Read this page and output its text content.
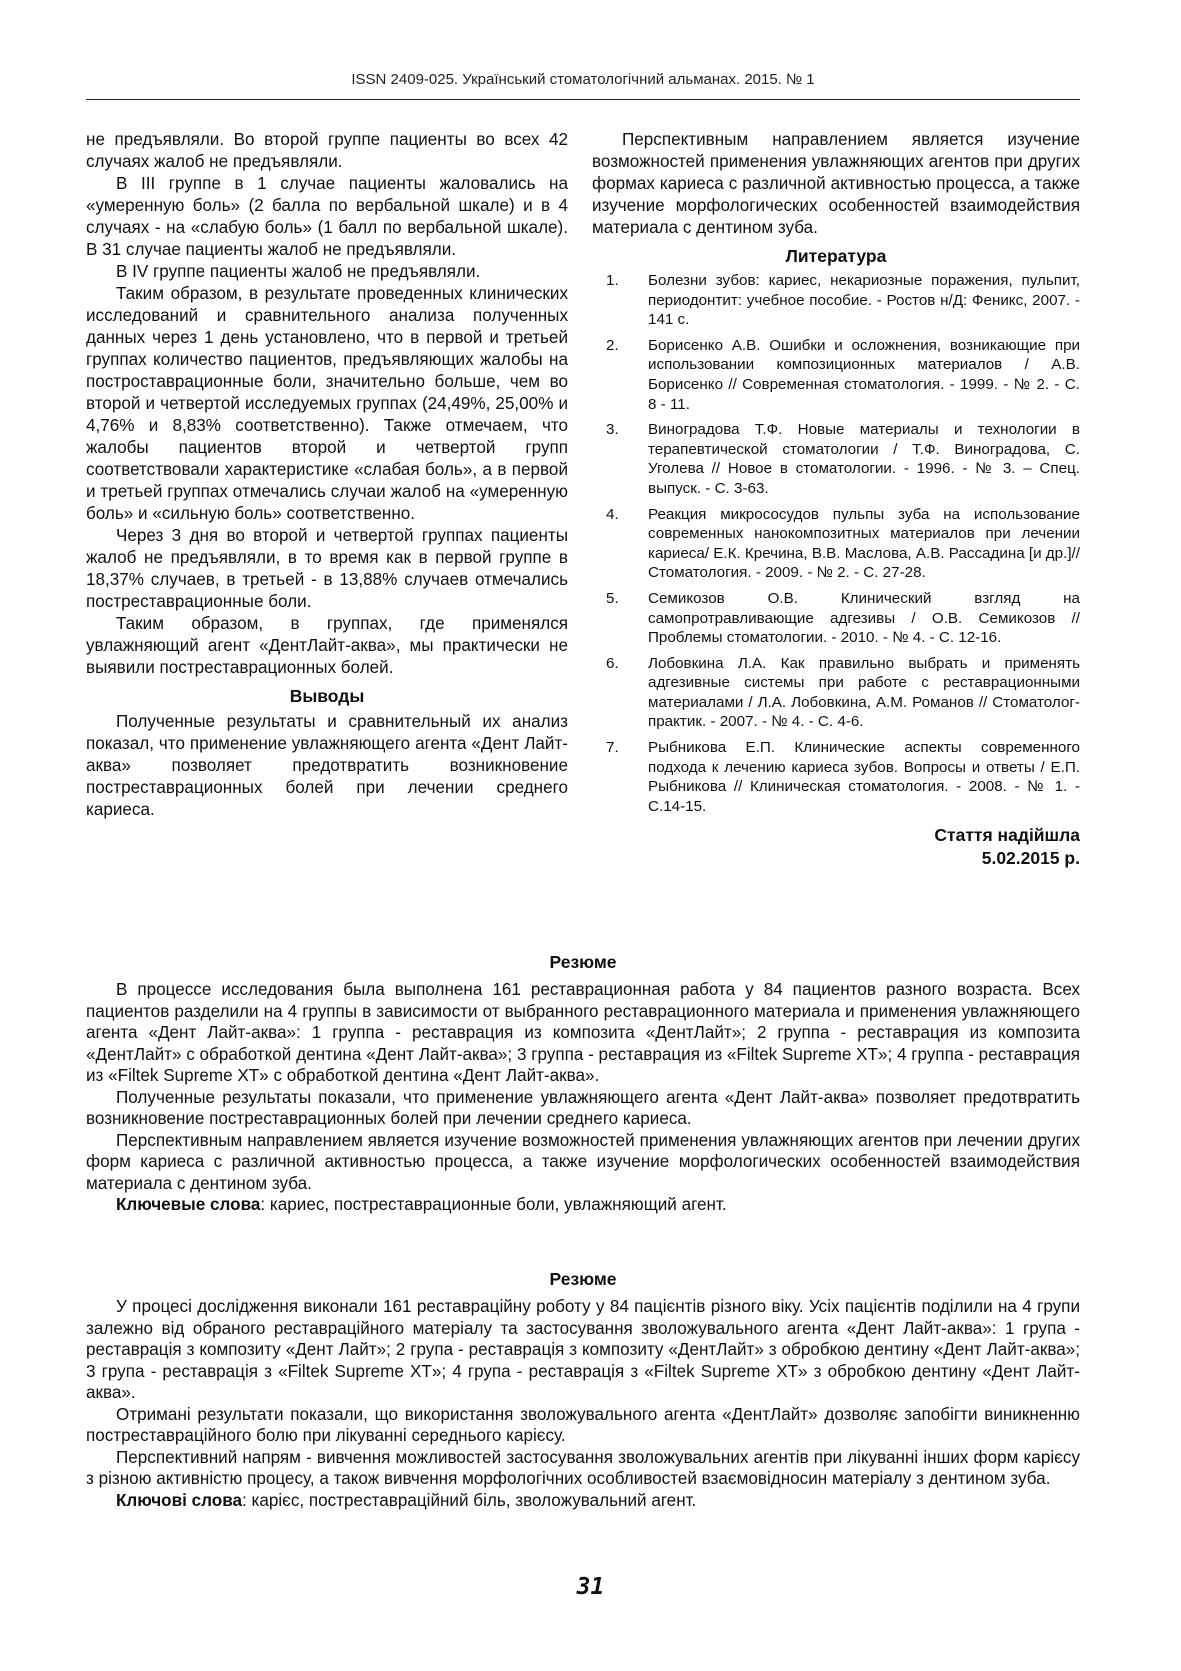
ISSN 2409-025. Український стоматологічний альманах. 2015. № 1

не предъявляли. Во второй группе пациенты во всех 42 случаях жалоб не предъявляли.

В III группе в 1 случае пациенты жаловались на «умеренную боль» (2 балла по вербальной шкале) и в 4 случаях - на «слабую боль» (1 балл по вербальной шкале). В 31 случае пациенты жалоб не предъявляли.

В IV группе пациенты жалоб не предъявляли.

Таким образом, в результате проведенных клинических исследований и сравнительного анализа полученных данных через 1 день установлено, что в первой и третьей группах количество пациентов, предъявляющих жалобы на построставрационные боли, значительно больше, чем во второй и четвертой исследуемых группах (24,49%, 25,00% и 4,76% и 8,83% соответственно). Также отмечаем, что жалобы пациентов второй и четвертой групп соответствовали характеристике «слабая боль», а в первой и третьей группах отмечались случаи жалоб на «умеренную боль» и «сильную боль» соответственно.

Через 3 дня во второй и четвертой группах пациенты жалоб не предъявляли, в то время как в первой группе в 18,37% случаев, в третьей - в 13,88% случаев отмечались постреставрационные боли.

Таким образом, в группах, где применялся увлажняющий агент «ДентЛайт-аква», мы практически не выявили постреставрационных болей.

Выводы

Полученные результаты и сравнительный их анализ показал, что применение увлажняющего агента «Дент Лайт-аква» позволяет предотвратить возникновение постреставрационных болей при лечении среднего кариеса.

Перспективным направлением является изучение возможностей применения увлажняющих агентов при других формах кариеса с различной активностью процесса, а также изучение морфологических особенностей взаимодействия материала с дентином зуба.

Литература
1.	Болезни зубов: кариес, некариозные поражения, пульпит, периодонтит: учебное пособие. - Ростов н/Д: Феникс, 2007. - 141 с.
2.	Борисенко А.В. Ошибки и осложнения, возникающие при использовании композиционных материалов / А.В. Борисенко // Современная стоматология. - 1999. - № 2. - С. 8 - 11.
3.	Виноградова Т.Ф. Новые материалы и технологии в терапевтической стоматологии / Т.Ф. Виноградова, С. Уголева // Новое в стоматологии. - 1996. - № 3. – Спец. выпуск. - С. 3-63.
4.	Реакция микрососудов пульпы зуба на использование современных нанокомпозитных материалов при лечении кариеса/ Е.К. Кречина, В.В. Маслова, А.В. Рассадина [и др.]// Стоматология. - 2009. - № 2. - С. 27-28.
5.	Семикозов О.В. Клинический взгляд на самопротравливающие адгезивы / О.В. Семикозов // Проблемы стоматологии. - 2010. - № 4. - С. 12-16.
6.	Лобовкина Л.А. Как правильно выбрать и применять адгезивные системы при работе с реставрационными материалами / Л.А. Лобовкина, А.М. Романов // Стоматолог-практик. - 2007. - № 4. - С. 4-6.
7.	Рыбникова Е.П. Клинические аспекты современного подхода к лечению кариеса зубов. Вопросы и ответы / Е.П. Рыбникова // Клиническая стоматология. - 2008. - № 1. - С.14-15.
Стаття надійшла
5.02.2015 р.
Резюме

В процессе исследования была выполнена 161 реставрационная работа у 84 пациентов разного возраста. Всех пациентов разделили на 4 группы в зависимости от выбранного реставрационного материала и применения увлажняющего агента «Дент Лайт-аква»: 1 группа - реставрация из композита «ДентЛайт»; 2 группа - реставрация из композита «ДентЛайт» с обработкой дентина «Дент Лайт-аква»; 3 группа - реставрация из «Filtek Supreme XT»; 4 группа - реставрация из «Filtek Supreme XT» с обработкой дентина «Дент Лайт-аква».

Полученные результаты показали, что применение увлажняющего агента «Дент Лайт-аква» позволяет предотвратить возникновение постреставрационных болей при лечении среднего кариеса.

Перспективным направлением является изучение возможностей применения увлажняющих агентов при лечении других форм кариеса с различной активностью процесса, а также изучение морфологических особенностей взаимодействия материала с дентином зуба.

Ключевые слова: кариес, постреставрационные боли, увлажняющий агент.

Резюме

У процесі дослідження виконали 161 реставраційну роботу у 84 пацієнтів різного віку. Усіх пацієнтів поділили на 4 групи залежно від обраного реставраційного матеріалу та застосування зволожувального агента «Дент Лайт-аква»: 1 група - реставрація з композиту «Дент Лайт»; 2 група - реставрація з композиту «ДентЛайт» з обробкою дентину «Дент Лайт-аква»; 3 група - реставрація з «Filtek Supreme XT»; 4 група - реставрація з «Filtek Supreme XT» з обробкою дентину «Дент Лайт-аква».

Отримані результати показали, що використання зволожувального агента «ДентЛайт» дозволяє запобігти виникненню постреставраційного болю при лікуванні середнього карієсу.

Перспективний напрям - вивчення можливостей застосування зволожувальних агентів при лікуванні інших форм карієсу з різною активністю процесу, а також вивчення морфологічних особливостей взаємовідносин матеріалу з дентином зуба.

Ключові слова: карієс, постреставраційний біль, зволожувальний агент.

31
